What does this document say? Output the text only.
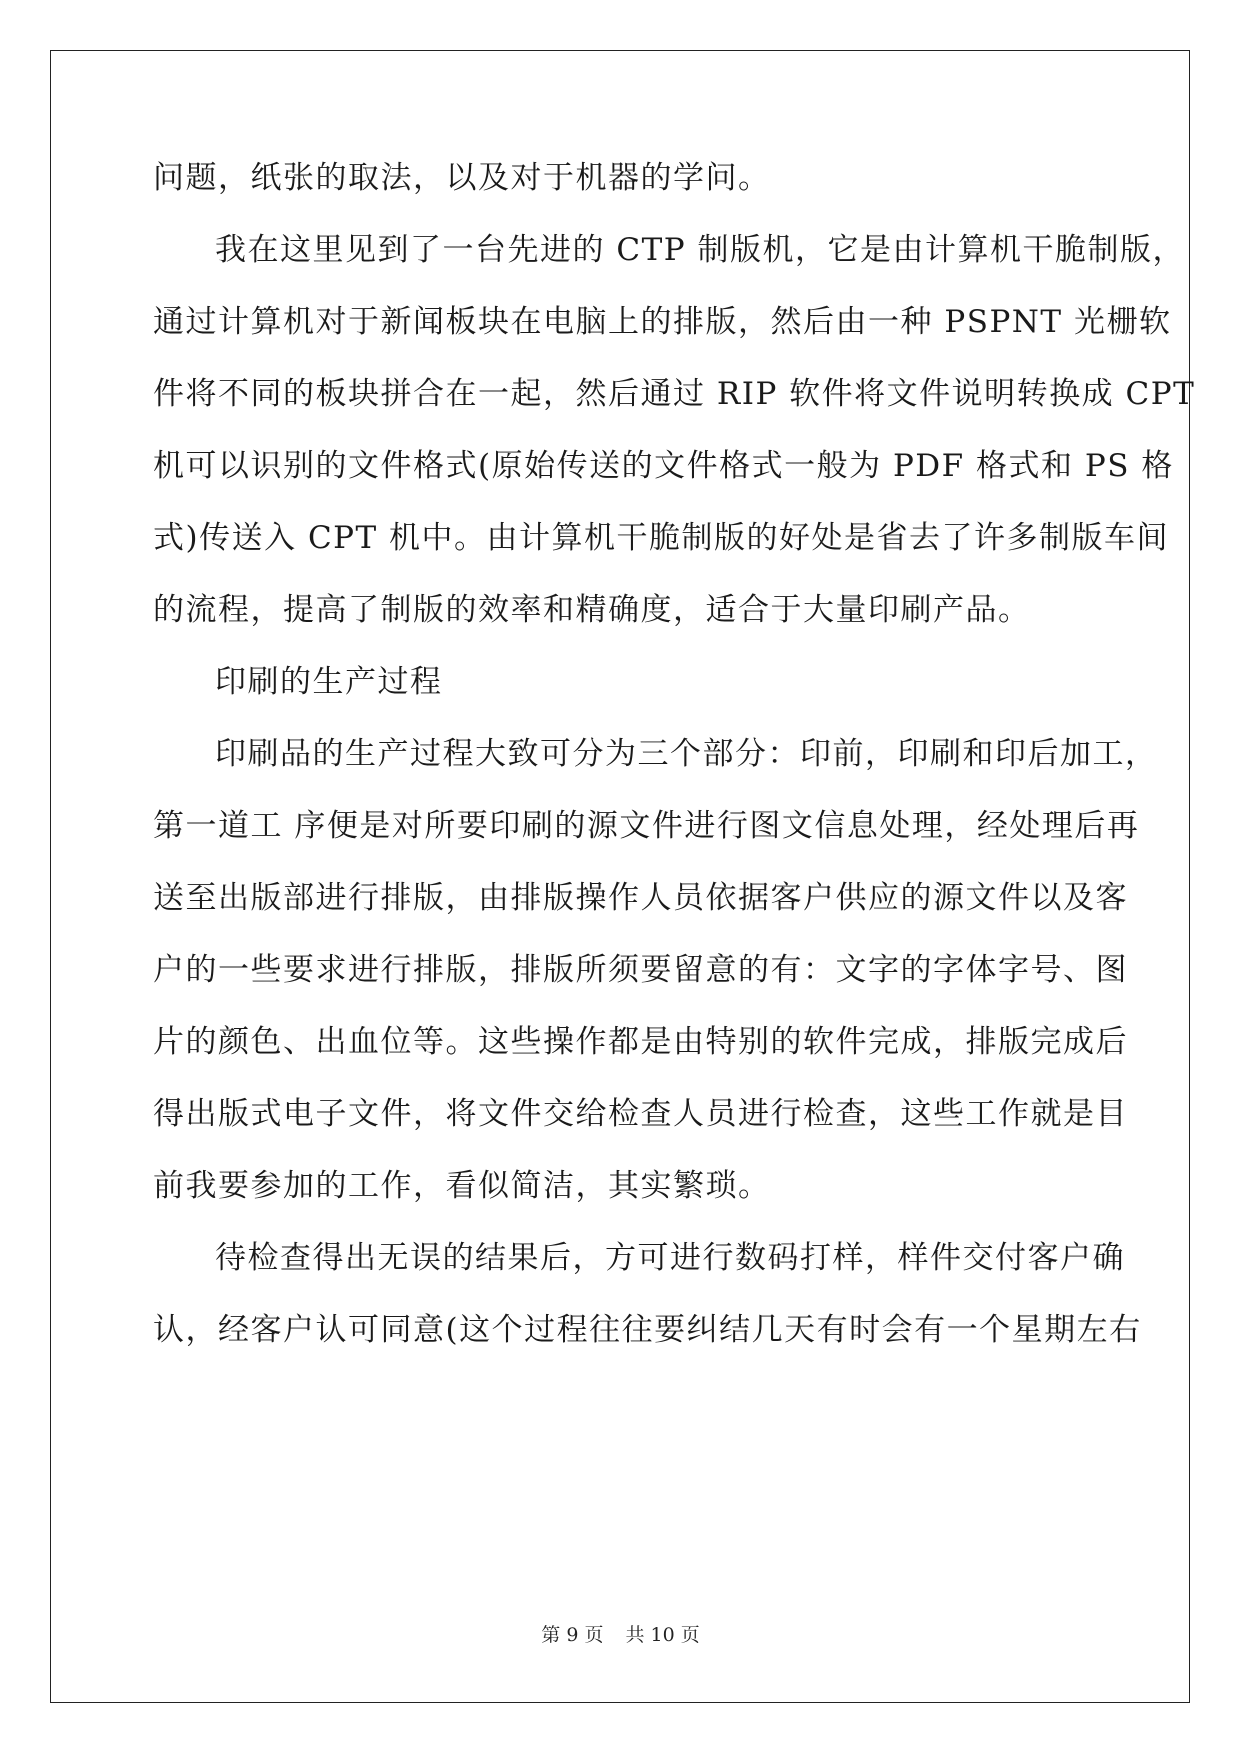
问题，纸张的取法，以及对于机器的学问。
我在这里见到了一台先进的 CTP 制版机，它是由计算机干脆制版，
通过计算机对于新闻板块在电脑上的排版，然后由一种 PSPNT 光栅软
件将不同的板块拼合在一起，然后通过 RIP 软件将文件说明转换成 CPT
机可以识别的文件格式(原始传送的文件格式一般为 PDF 格式和 PS 格
式)传送入 CPT 机中。由计算机干脆制版的好处是省去了许多制版车间
的流程，提高了制版的效率和精确度，适合于大量印刷产品。
印刷的生产过程
印刷品的生产过程大致可分为三个部分：印前，印刷和印后加工，
第一道工 序便是对所要印刷的源文件进行图文信息处理，经处理后再
送至出版部进行排版，由排版操作人员依据客户供应的源文件以及客
户的一些要求进行排版，排版所须要留意的有：文字的字体字号、图
片的颜色、出血位等。这些操作都是由特别的软件完成，排版完成后
得出版式电子文件，将文件交给检查人员进行检查，这些工作就是目
前我要参加的工作，看似简洁，其实繁琐。
待检查得出无误的结果后，方可进行数码打样，样件交付客户确
认，经客户认可同意(这个过程往往要纠结几天有时会有一个星期左右
第 9 页 共 10 页
